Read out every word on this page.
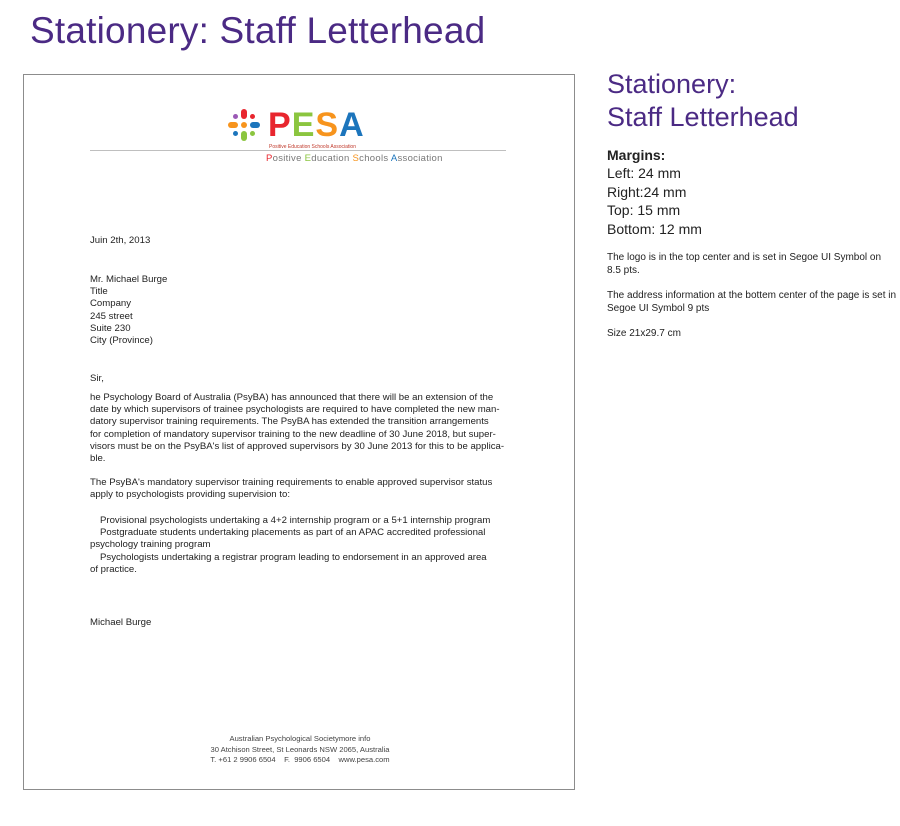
Stationery: Staff Letterhead
PESA
Positive Education Schools Association
Positive Education Schools Association
Juin 2th, 2013
Mr. Michael Burge
Title
Company
245 street
Suite 230
City (Province)
Sir,

he Psychology Board of Australia (PsyBA) has announced that there will be an extension of the
date by which supervisors of trainee psychologists are required to have completed the new man-
datory supervisor training requirements. The PsyBA has extended the transition arrangements
for completion of mandatory supervisor training to the new deadline of 30 June 2018, but super-
visors must be on the PsyBA's list of approved supervisors by 30 June 2013 for this to be applica-
ble.

The PsyBA's mandatory supervisor training requirements to enable approved supervisor status
apply to psychologists providing supervision to:

Provisional psychologists undertaking a 4+2 internship program or a 5+1 internship program
Postgraduate students undertaking placements as part of an APAC accredited professional
psychology training program
Psychologists undertaking a registrar program leading to endorsement in an approved area
of practice.
Michael Burge
Australian Psychological Societymore info
30 Atchison Street, St Leonards NSW 2065, Australia
T. +61 2 9906 6504    F.  9906 6504    www.pesa.com
Stationery:
Staff Letterhead
Margins:
Left: 24 mm
Right:24 mm
Top: 15 mm
Bottom: 12 mm
The logo is in the top center and is set in Segoe UI Symbol on 8.5 pts.
The address information at the bottem center of the page is set in Segoe UI Symbol 9 pts
Size 21x29.7 cm
